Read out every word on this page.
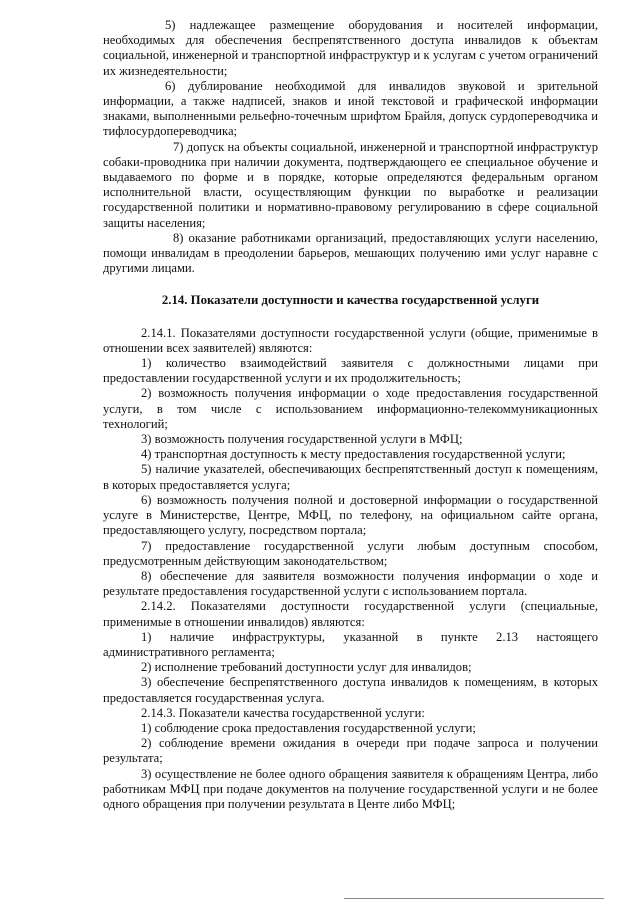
5) надлежащее размещение оборудования и носителей информации, необходимых для обеспечения беспрепятственного доступа инвалидов к объектам социальной, инженерной и транспортной инфраструктур и к услугам с учетом ограничений их жизнедеятельности;

6) дублирование необходимой для инвалидов звуковой и зрительной информации, а также надписей, знаков и иной текстовой и графической информации знаками, выполненными рельефно-точечным шрифтом Брайля, допуск сурдопереводчика и тифлосурдопереводчика;

7) допуск на объекты социальной, инженерной и транспортной инфраструктур собаки-проводника при наличии документа, подтверждающего ее специальное обучение и выдаваемого по форме и в порядке, которые определяются федеральным органом исполнительной власти, осуществляющим функции по выработке и реализации государственной политики и нормативно-правовому регулированию в сфере социальной защиты населения;

8) оказание работниками организаций, предоставляющих услуги населению, помощи инвалидам в преодолении барьеров, мешающих получению ими услуг наравне с другими лицами.

2.14. Показатели доступности и качества государственной услуги

2.14.1. Показателями доступности государственной услуги (общие, применимые в отношении всех заявителей) являются:

1) количество взаимодействий заявителя с должностными лицами при предоставлении государственной услуги и их продолжительность;

2) возможность получения информации о ходе предоставления государственной услуги, в том числе с использованием информационно-телекоммуникационных технологий;

3) возможность получения государственной услуги в МФЦ;

4) транспортная доступность к месту предоставления государственной услуги;

5) наличие указателей, обеспечивающих беспрепятственный доступ к помещениям, в которых предоставляется услуга;

6) возможность получения полной и достоверной информации о государственной услуге в Министерстве, Центре, МФЦ, по телефону, на официальном сайте органа, предоставляющего услугу, посредством портала;

7) предоставление государственной услуги любым доступным способом, предусмотренным действующим законодательством;

8) обеспечение для заявителя возможности получения информации о ходе и результате предоставления государственной услуги с использованием портала.

2.14.2. Показателями доступности государственной услуги (специальные, применимые в отношении инвалидов) являются:

1) наличие инфраструктуры, указанной в пункте 2.13 настоящего административного регламента;

2) исполнение требований доступности услуг для инвалидов;

3) обеспечение беспрепятственного доступа инвалидов к помещениям, в которых предоставляется государственная услуга.

2.14.3. Показатели качества государственной услуги:

1) соблюдение срока предоставления государственной услуги;

2) соблюдение времени ожидания в очереди при подаче запроса и получении результата;

3) осуществление не более одного обращения заявителя к обращениям Центра, либо работникам МФЦ при подаче документов на получение государственной услуги и не более одного обращения при получении результата в Центе либо МФЦ;
